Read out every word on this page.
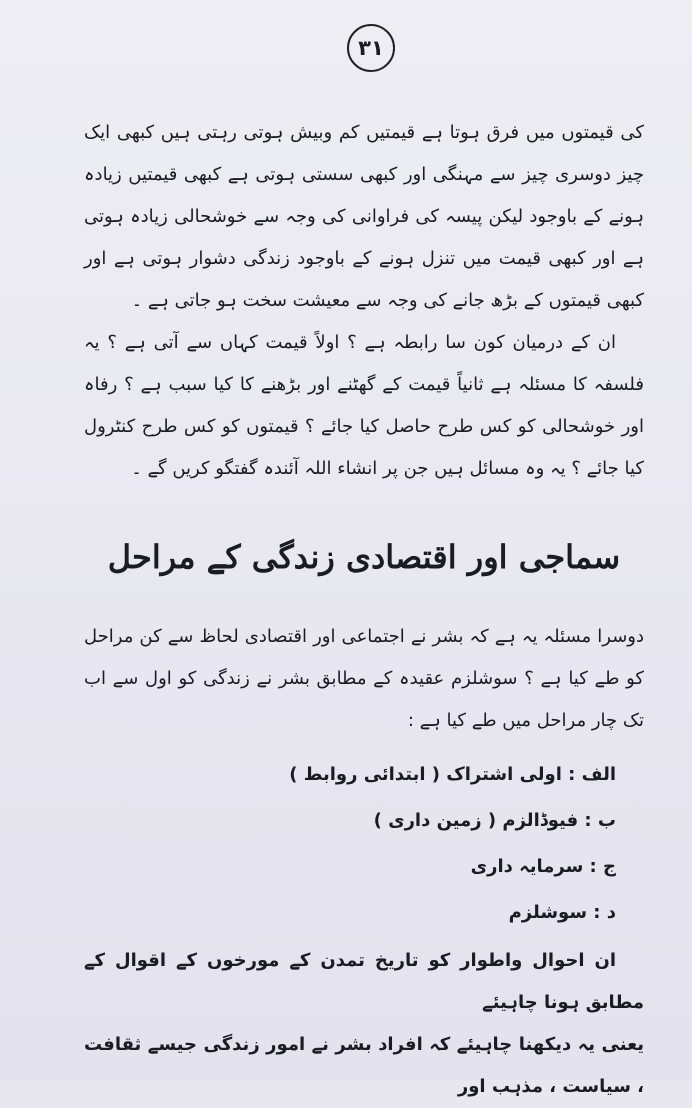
۳۱

کی قیمتوں میں فرق ہوتا ہے قیمتیں کم وبیش ہوتی رہتی ہیں کبھی ایک چیز دوسری چیز سے مہنگی اور کبھی سستی ہوتی ہے کبھی قیمتیں زیادہ ہونے کے باوجود لیکن پیسہ کی فراوانی کی وجہ سے خوشحالی زیادہ ہوتی ہے اور کبھی قیمت میں تنزل ہونے کے باوجود زندگی دشوار ہوتی ہے اور کبھی قیمتوں کے بڑھ جانے کی وجہ سے معیشت سخت ہو جاتی ہے ۔

ان کے درمیان کون سا رابطہ ہے ؟ اولاً قیمت کہاں سے آتی ہے ؟ یہ فلسفہ کا مسئلہ ہے ثانیاً قیمت کے گھٹنے اور بڑھنے کا کیا سبب ہے ؟ رفاہ اور خوشحالی کو کس طرح حاصل کیا جائے ؟ قیمتوں کو کس طرح کنٹرول کیا جائے ؟ یہ وہ مسائل ہیں جن پر انشاء اللہ آئندہ گفتگو کریں گے ۔

سماجی اور اقتصادی زندگی کے مراحل

دوسرا مسئلہ یہ ہے کہ بشر نے اجتماعی اور اقتصادی لحاظ سے کن مراحل کو طے کیا ہے ؟ سوشلزم عقیدہ کے مطابق بشر نے زندگی کو اول سے اب تک چار مراحل میں طے کیا ہے :

الف : اولی اشتراک ( ابتدائی روابط )
ب : فیوڈالزم ( زمین داری )
ج : سرمایہ داری
د : سوشلزم

ان احوال واطوار کو تاریخ تمدن کے مورخوں کے اقوال کے مطابق ہونا چاہیئے

یعنی یہ دیکھنا چاہیئے کہ افراد بشر نے امور زندگی جیسے ثقافت ، سیاست ، مذہب اور
